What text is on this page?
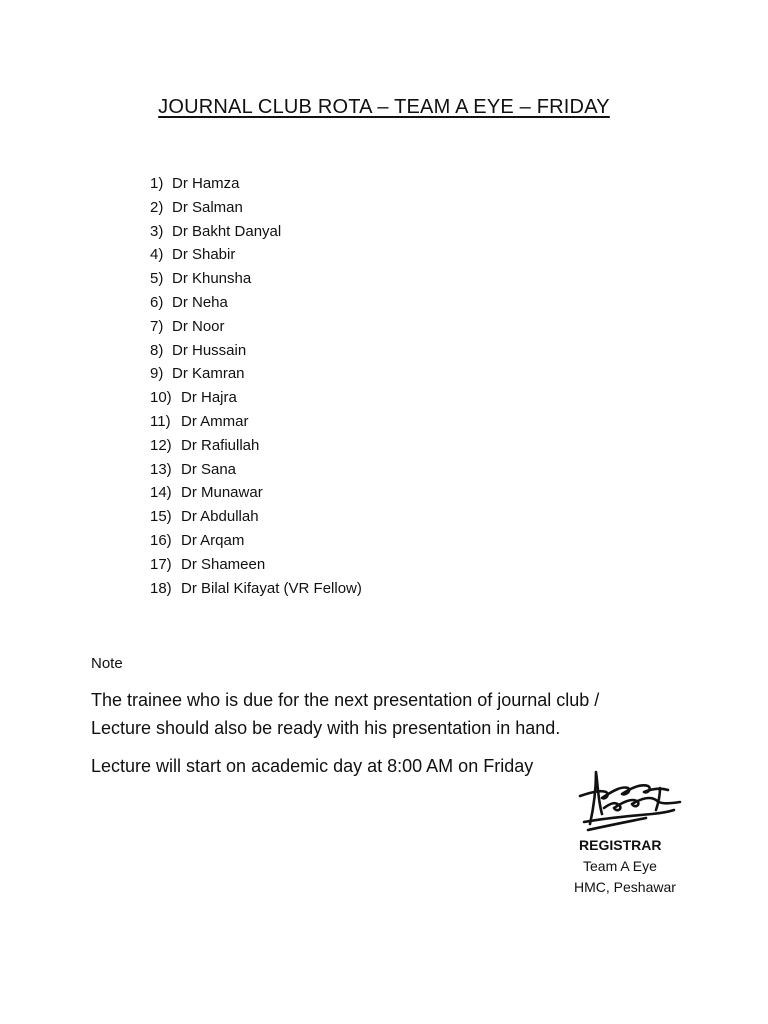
JOURNAL CLUB ROTA – TEAM A EYE – FRIDAY
1) Dr Hamza
2) Dr Salman
3) Dr Bakht Danyal
4) Dr Shabir
5) Dr Khunsha
6) Dr Neha
7) Dr Noor
8) Dr Hussain
9) Dr Kamran
10) Dr Hajra
11) Dr Ammar
12) Dr Rafiullah
13) Dr Sana
14) Dr Munawar
15) Dr Abdullah
16) Dr Arqam
17) Dr Shameen
18) Dr Bilal Kifayat (VR Fellow)
Note
The trainee who is due for the next presentation of journal club / Lecture should also be ready with his presentation in hand.
Lecture will start on academic day at 8:00 AM on Friday
REGISTRAR
Team A Eye
HMC, Peshawar
